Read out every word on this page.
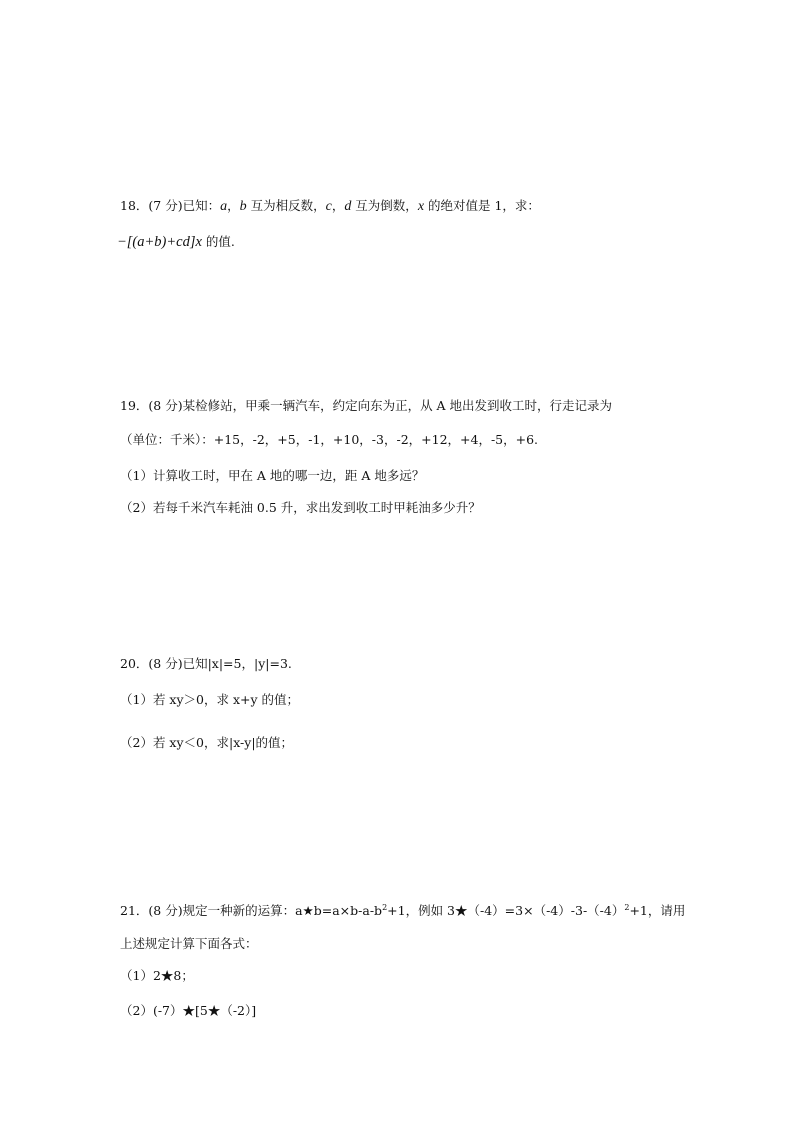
18．(7 分)已知：a，b 互为相反数，c，d 互为倒数，x 的绝对值是 1，求：
−[(a+b)+cd]x 的值.
19．(8 分)某检修站，甲乘一辆汽车，约定向东为正，从 A 地出发到收工时，行走记录为
（单位：千米）：+15，-2，+5，-1，+10，-3，-2，+12，+4，-5，+6.
（1）计算收工时，甲在 A 地的哪一边，距 A 地多远？
（2）若每千米汽车耗油 0.5 升，求出发到收工时甲耗油多少升？
20．(8 分)已知|x|=5，|y|=3.
（1）若 xy＞0，求 x+y 的值；
（2）若 xy＜0，求|x-y|的值；
21．(8 分)规定一种新的运算：$a★b=a\times b-a-b^2+1$，例如 $3★(-4)=3\times(-4)-3-(-4)^2+1$，请用
上述规定计算下面各式：
（1）2★8；
（2）(-7）★[5★（-2）]
